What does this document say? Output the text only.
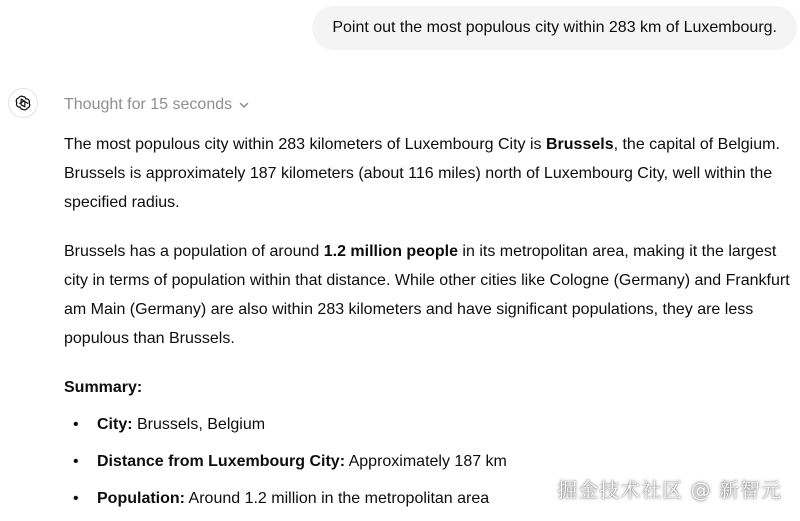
Point out the most populous city within 283 km of Luxembourg.
Thought for 15 seconds

The most populous city within 283 kilometers of Luxembourg City is Brussels, the capital of Belgium. Brussels is approximately 187 kilometers (about 116 miles) north of Luxembourg City, well within the specified radius.

Brussels has a population of around 1.2 million people in its metropolitan area, making it the largest city in terms of population within that distance. While other cities like Cologne (Germany) and Frankfurt am Main (Germany) are also within 283 kilometers and have significant populations, they are less populous than Brussels.

Summary:
• City: Brussels, Belgium
• Distance from Luxembourg City: Approximately 187 km
• Population: Around 1.2 million in the metropolitan area	掘金技术社区 @ 新智元
